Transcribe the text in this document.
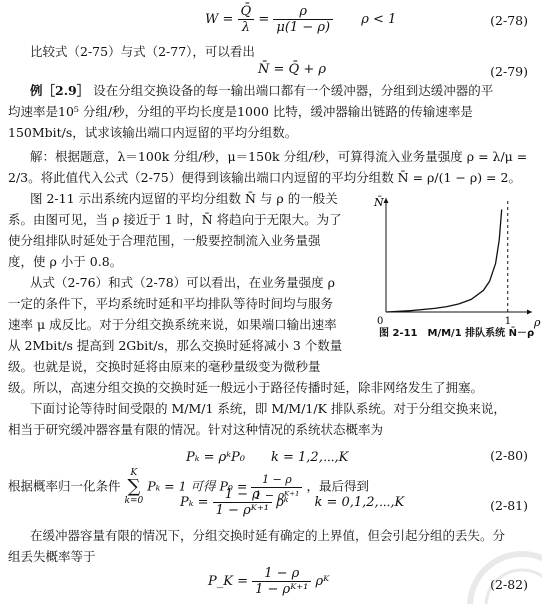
$W = \frac{Q̄}{\lambda} = \frac{\rho}{\mu(1 - \rho)}$ ρ < 1	(2-78)
比较式（2-75）与式（2-77），可以看出
N̄ = Q̄ + ρ	(2-79)
例［2.9］ 设在分组交换设备的每一输出端口都有一个缓冲器，分组到达缓冲器的平
均速率是10⁵ 分组/秒，分组的平均长度是1000 比特，缓冲器输出链路的传输速率是
150Mbit/s，试求该输出端口内逗留的平均分组数。
解：根据题意，λ＝100k 分组/秒，μ＝150k 分组/秒，可算得流入业务量强度 ρ = λ/μ =
2/3。将此值代入公式（2-75）便得到该输出端口内逗留的平均分组数 N̄ = ρ/(1 − ρ) = 2。
图 2-11 示出系统内逗留的平均分组数 N̄ 与 ρ 的一般关
系。由图可见，当 ρ 接近于 1 时，N̄ 将趋向于无限大。为了
使分组排队时延处于合理范围，一般要控制流入业务量强
度，使 ρ 小于 0.8。
从式（2-76）和式（2-78）可以看出，在业务量强度 ρ
一定的条件下，平均系统时延和平均排队等待时间均与服务
速率 μ 成反比。对于分组交换系统来说，如果端口输出速率
从 2Mbit/s 提高到 2Gbit/s，那么交换时延将减小 3 个数量
级。也就是说，交换时延将由原来的毫秒量级变为微秒量
级。所以，高速分组交换的交换时延一般远小于路径传播时延，除非网络发生了拥塞。
N̄
ρ
0	1
图 2-11　M/M/1 排队系统 N̄－ρ
下面讨论等待时间受限的 M/M/1 系统，即 M/M/1/K 排队系统。对于分组交换来说，
相当于研究缓冲器容量有限的情况。针对这种情况的系统状态概率为
Pₖ = ρᵏP₀　　k = 1,2,⋯,K	(2-80)
根据概率归一化条件
K
∑
k=0
Pₖ = 1 可得 $P_0 = \frac{1 - \rho}{\text{1 − ρᴷ⁺¹}}$ ，最后得到
$P_k = \frac{1 - \rho}{\text{1 − ρᴷ⁺¹}}$ ρᵏ　　k = 0,1,2,⋯,K	(2-81)
在缓冲器容量有限的情况下，分组交换时延有确定的上界值，但会引起分组的丢失。分
组丢失概率等于
P_K = $\frac{1 - \rho}{\text{1 − ρᴷ⁺¹}}$ ρᴷ	(2-82)
